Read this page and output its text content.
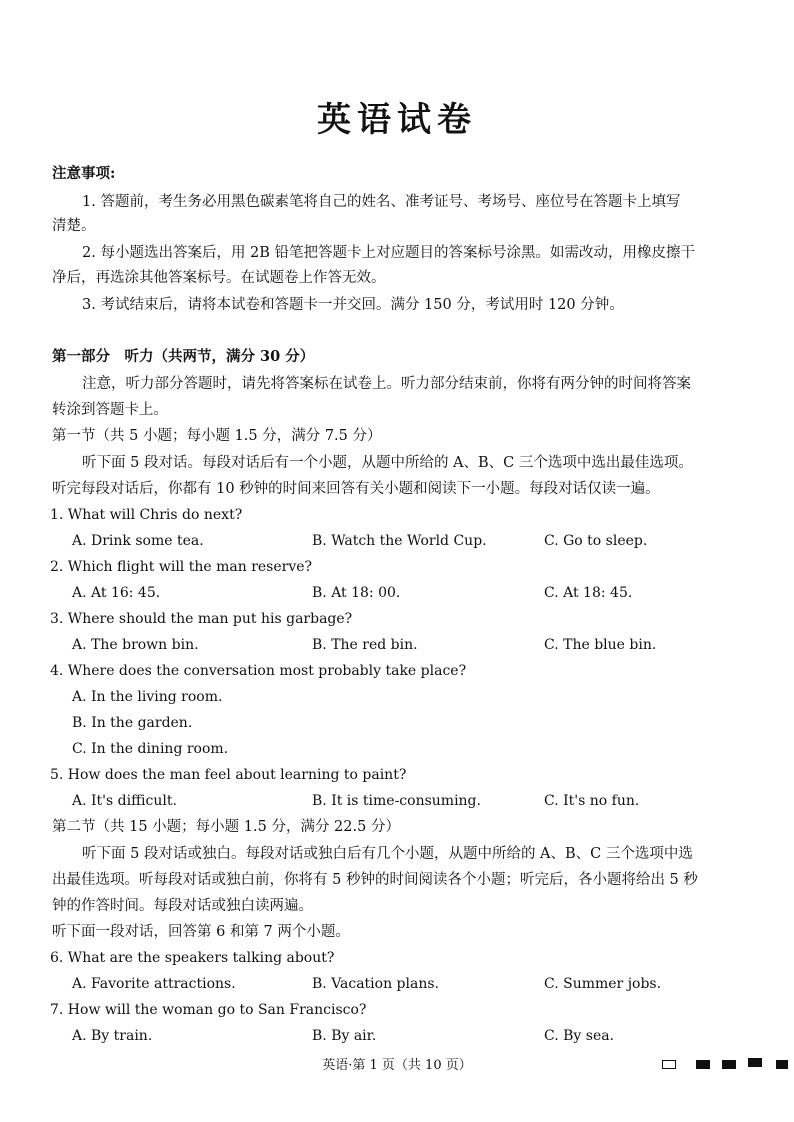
英语试卷
注意事项:
1. 答题前，考生务必用黑色碳素笔将自己的姓名、准考证号、考场号、座位号在答题卡上填写
清楚。
2. 每小题选出答案后，用 2B 铅笔把答题卡上对应题目的答案标号涂黑。如需改动，用橡皮擦干
净后，再选涂其他答案标号。在试题卷上作答无效。
3. 考试结束后，请将本试卷和答题卡一并交回。满分 150 分，考试用时 120 分钟。
第一部分　听力（共两节，满分 30 分）
注意，听力部分答题时，请先将答案标在试卷上。听力部分结束前，你将有两分钟的时间将答案
转涂到答题卡上。
第一节（共 5 小题；每小题 1.5 分，满分 7.5 分）
听下面 5 段对话。每段对话后有一个小题，从题中所给的 A、B、C 三个选项中选出最佳选项。
听完每段对话后，你都有 10 秒钟的时间来回答有关小题和阅读下一小题。每段对话仅读一遍。
1. What will Chris do next?
A. Drink some tea.	B. Watch the World Cup.	C. Go to sleep.
2. Which flight will the man reserve?
A. At 16: 45.	B. At 18: 00.	C. At 18: 45.
3. Where should the man put his garbage?
A. The brown bin.	B. The red bin.	C. The blue bin.
4. Where does the conversation most probably take place?
A. In the living room.
B. In the garden.
C. In the dining room.
5. How does the man feel about learning to paint?
A. It's difficult.	B. It is time-consuming.	C. It's no fun.
第二节（共 15 小题；每小题 1.5 分，满分 22.5 分）
听下面 5 段对话或独白。每段对话或独白后有几个小题，从题中所给的 A、B、C 三个选项中选
出最佳选项。听每段对话或独白前，你将有 5 秒钟的时间阅读各个小题；听完后，各小题将给出 5 秒
钟的作答时间。每段对话或独白读两遍。
听下面一段对话，回答第 6 和第 7 两个小题。
6. What are the speakers talking about?
A. Favorite attractions.	B. Vacation plans.	C. Summer jobs.
7. How will the woman go to San Francisco?
A. By train.	B. By air.	C. By sea.
英语·第 1 页（共 10 页）
